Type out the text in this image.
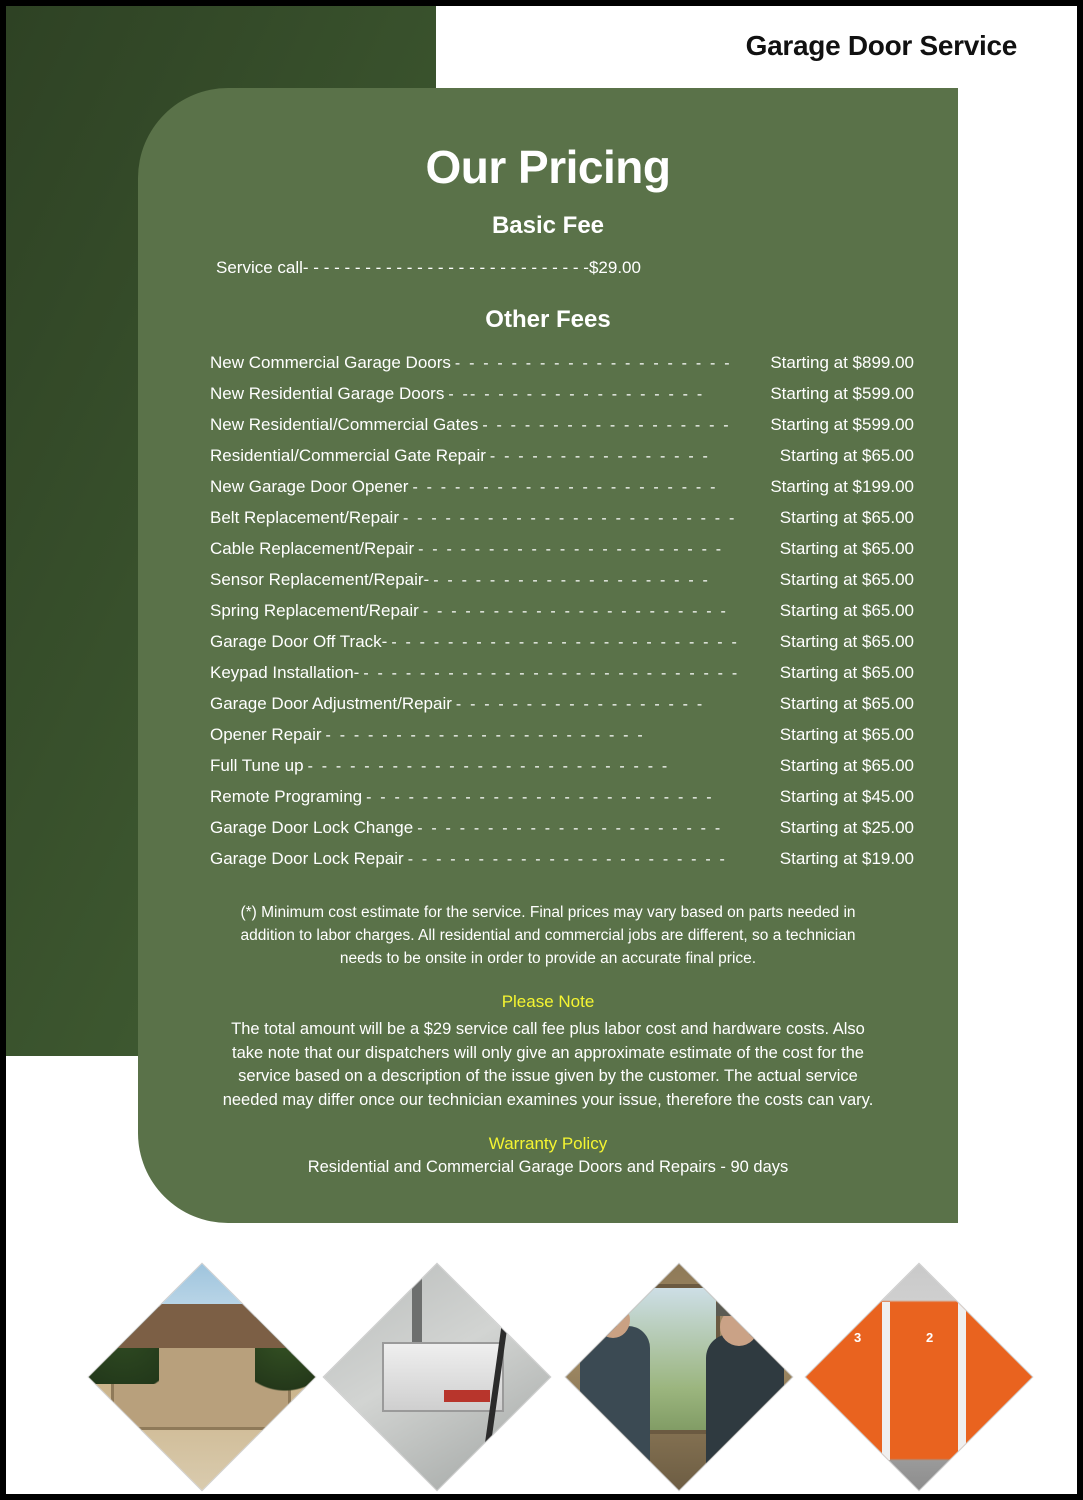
Garage Door Service
Our Pricing
Basic Fee
Service call - - - - - - - - - - - - - - - - - - - - - - - - - - - - $29.00
Other Fees
New Commercial Garage Doors - - - - - - - - - - - - - - - - - - - -	Starting at $899.00
New Residential Garage Doors - -- - - - - - - - - - - - - - - - -	Starting at $599.00
New Residential/Commercial Gates - - - - - - - - - - - - - - - - - -	Starting at $599.00
Residential/Commercial Gate Repair - - - - - - - - - - - - - - - -	Starting at $65.00
New Garage Door Opener - - - - - - - - - - - - - - - - - - - - - -	Starting at $199.00
Belt Replacement/Repair - - - - - - - - - - - - - - - - - - - - - - - -	Starting at $65.00
Cable Replacement/Repair - - - - - - - - - - - - - - - - - - - - - -	Starting at $65.00
Sensor Replacement/Repair- - - - - - - - - - - - - - - - - - - - -	Starting at $65.00
Spring Replacement/Repair - - - - - - - - - - - - - - - - - - - - - -	Starting at $65.00
Garage Door Off Track- - - - - - - - - - - - - - - - - - - - - - - - - -	Starting at $65.00
Keypad Installation- - - - - - - - - - - - - - - - - - - - - - - - - - - -	Starting at $65.00
Garage Door Adjustment/Repair - - - - - - - - - - - - - - - - - -	Starting at $65.00
Opener Repair - - - - - - - - - - - - - - - - - - - - - - -	Starting at $65.00
Full Tune up - - - - - - - - - - - - - - - - - - - - - - - - - -	Starting at $65.00
Remote Programing - - - - - - - - - - - - - - - - - - - - - - - - -	Starting at $45.00
Garage Door Lock Change - - - - - - - - - - - - - - - - - - - - - -	Starting at $25.00
Garage Door Lock Repair - - - - - - - - - - - - - - - - - - - - - - -	Starting at $19.00
(*) Minimum cost estimate for the service. Final prices may vary based on parts needed in addition to labor charges. All residential and commercial jobs are different, so a technician needs to be onsite in order to provide an accurate final price.
Please Note
The total amount will be a $29 service call fee plus labor cost and hardware costs. Also take note that our dispatchers will only give an approximate estimate of the cost for the service based on a description of the issue given by the customer. The actual service needed may differ once our technician examines your issue, therefore the costs can vary.
Warranty Policy
Residential and Commercial Garage Doors and Repairs - 90 days
3	2
